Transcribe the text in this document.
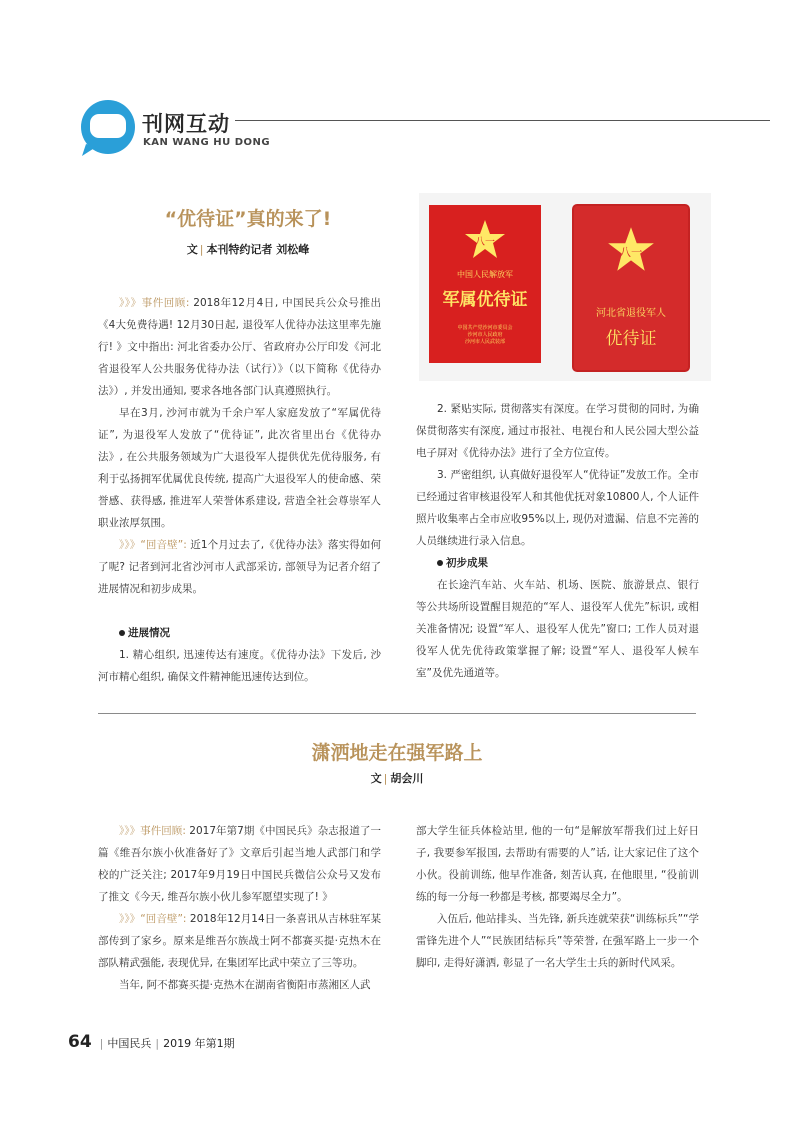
刊网互动
KAN WANG HU DONG
“优待证”真的来了!
文 | 本刊特约记者 刘松峰

》》》事件回顾: 2018年12月4日, 中国民兵公众号推出《4大免费待遇! 12月30日起, 退役军人优待办法这里率先施行! 》文中指出: 河北省委办公厅、省政府办公厅印发《河北省退役军人公共服务优待办法（试行）》（以下简称《优待办法》）, 并发出通知, 要求各地各部门认真遵照执行。

早在3月, 沙河市就为千余户军人家庭发放了“军属优待证”, 为退役军人发放了“优待证”, 此次省里出台《优待办法》, 在公共服务领域为广大退役军人提供优先优待服务, 有利于弘扬拥军优属优良传统, 提高广大退役军人的使命感、荣誉感、获得感, 推进军人荣誉体系建设, 营造全社会尊崇军人职业浓厚氛围。

》》》“回音壁”: 近1个月过去了,《优待办法》落实得如何了呢? 记者到河北省沙河市人武部采访, 部领导为记者介绍了进展情况和初步成果。

进展情况

1. 精心组织, 迅速传达有速度。《优待办法》下发后, 沙河市精心组织, 确保文件精神能迅速传达到位。

八一
中国人民解放军
军属优待证
中国共产党沙河市委员会
沙河市人民政府
沙河市人民武装部
八一
河北省退役军人
优待证

2. 紧贴实际, 贯彻落实有深度。在学习贯彻的同时, 为确保贯彻落实有深度, 通过市报社、电视台和人民公园大型公益电子屏对《优待办法》进行了全方位宣传。

3. 严密组织, 认真做好退役军人“优待证”发放工作。全市已经通过省审核退役军人和其他优抚对象10800人, 个人证件照片收集率占全市应收95%以上, 现仍对遗漏、信息不完善的人员继续进行录入信息。

初步成果

在长途汽车站、火车站、机场、医院、旅游景点、银行等公共场所设置醒目规范的“军人、退役军人优先”标识, 或相关准备情况; 设置“军人、退役军人优先”窗口; 工作人员对退役军人优先优待政策掌握了解; 设置“军人、退役军人候车室”及优先通道等。

潇洒地走在强军路上
文 | 胡会川

》》》事件回顾: 2017年第7期《中国民兵》杂志报道了一篇《维吾尔族小伙准备好了》文章后引起当地人武部门和学校的广泛关注; 2017年9月19日中国民兵微信公众号又发布了推文《今天, 维吾尔族小伙儿参军愿望实现了! 》

》》》“回音壁”: 2018年12月14日一条喜讯从吉林驻军某部传到了家乡。原来是维吾尔族战士阿不都赛买提·克热木在部队精武强能, 表现优异, 在集团军比武中荣立了三等功。

当年, 阿不都赛买提·克热木在湖南省衡阳市蒸湘区人武

部大学生征兵体检站里, 他的一句“是解放军帮我们过上好日子, 我要参军报国, 去帮助有需要的人”话, 让大家记住了这个小伙。役前训练, 他早作准备, 刻苦认真, 在他眼里, “役前训练的每一分每一秒都是考核, 都要竭尽全力”。

入伍后, 他站排头、当先锋, 新兵连就荣获“训练标兵”“学雷锋先进个人”“民族团结标兵”等荣誉, 在强军路上一步一个脚印, 走得好潇洒, 彰显了一名大学生士兵的新时代风采。

64 | 中国民兵 | 2019 年第1期
